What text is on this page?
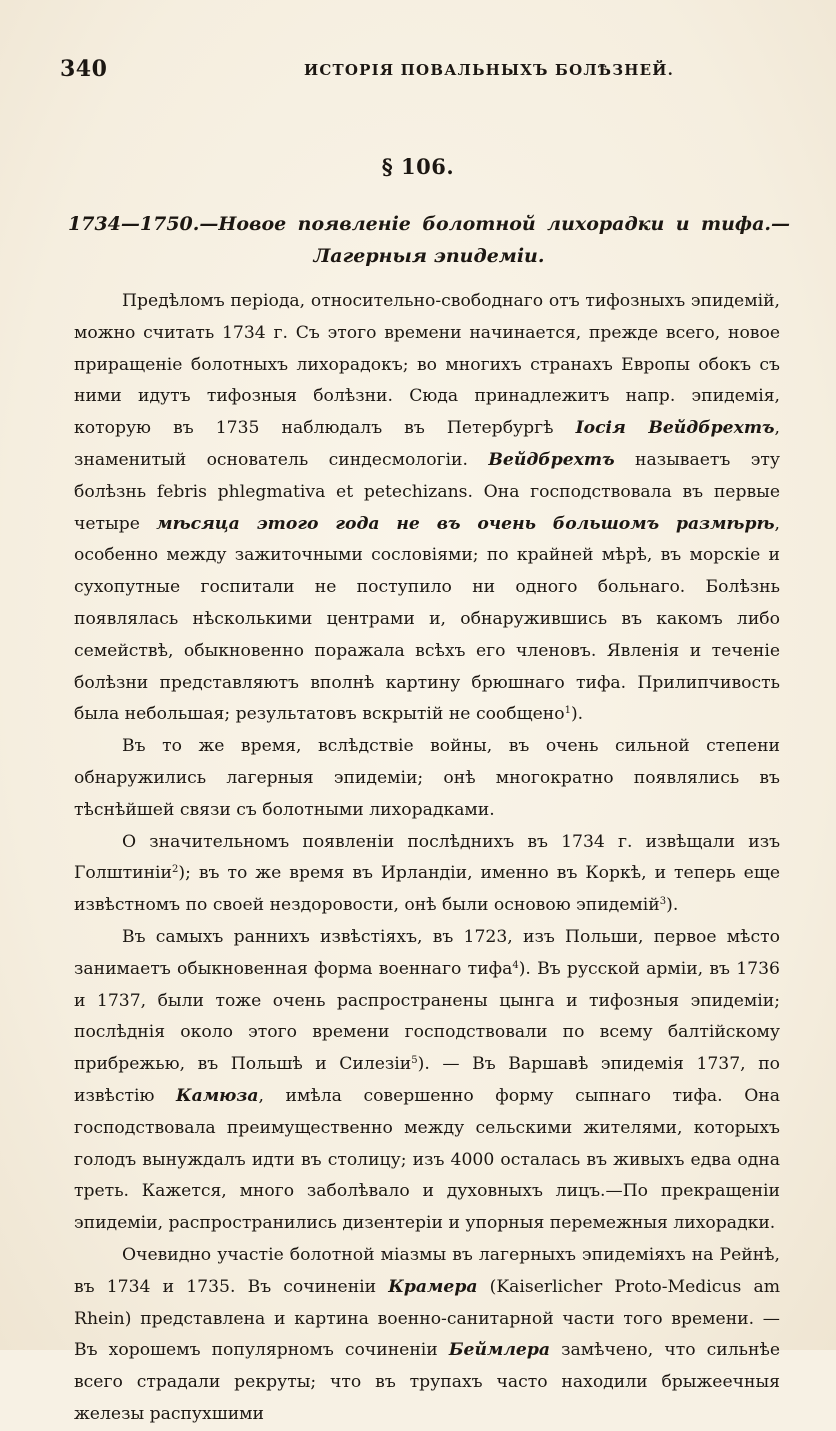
340	ИСТОРІЯ ПОВАЛЬНЫХЪ БОЛѢЗНЕЙ.
§ 106.
1734—1750.—Новое появленіе болотной лихорадки и тифа.— Лагерныя эпидеміи.

Предѣломъ періода, относительно-свободнаго отъ тифозныхъ эпидемій, можно считать 1734 г. Съ этого времени начинается, прежде всего, новое приращеніе болотныхъ лихорадокъ; во многихъ странахъ Европы обокъ съ ними идутъ тифозныя болѣзни. Сюда принадлежитъ напр. эпидемія, которую въ 1735 наблюдалъ въ Петербургѣ Іосія Вейдбрехтъ, знаменитый основатель синдесмологіи. Вейдбрехтъ называетъ эту болѣзнь febris phlegmativa et petechizans. Она господствовала въ первые четыре мѣсяца этого года не въ очень большомъ размѣрѣ, особенно между зажиточными сословіями; по крайней мѣрѣ, въ морскіе и сухопутные госпитали не поступило ни одного больнаго. Болѣзнь появлялась нѣсколькими центрами и, обнаружившись въ какомъ либо семействѣ, обыкновенно поражала всѣхъ его членовъ. Явленія и теченіе болѣзни представляютъ вполнѣ картину брюшнаго тифа. Прилипчивость была небольшая; результатовъ вскрытій не сообщено$^1$).

Въ то же время, вслѣдствіе войны, въ очень сильной степени обнаружились лагерныя эпидеміи; онѣ многократно появлялись въ тѣснѣйшей связи съ болотными лихорадками.

О значительномъ появленіи послѣднихъ въ 1734 г. извѣщали изъ Голштиніи$^2$); въ то же время въ Ирландіи, именно въ Коркѣ, и теперь еще извѣстномъ по своей нездоровости, онѣ были основою эпидемій$^3$).

Въ самыхъ раннихъ извѣстіяхъ, въ 1723, изъ Польши, первое мѣсто занимаетъ обыкновенная форма военнаго тифа$^4$). Въ русской арміи, въ 1736 и 1737, были тоже очень распространены цынга и тифозныя эпидеміи; послѣднія около этого времени господствовали по всему балтійскому прибрежью, въ Польшѣ и Силезіи$^5$). — Въ Варшавѣ эпидемія 1737, по извѣстію Камюза, имѣла совершенно форму сыпнаго тифа. Она господствовала преимущественно между сельскими жителями, которыхъ голодъ вынуждалъ идти въ столицу; изъ 4000 осталась въ живыхъ едва одна треть. Кажется, много заболѣвало и духовныхъ лицъ.—По прекращеніи эпидеміи, распространились дизентеріи и упорныя перемежныя лихорадки.

Очевидно участіе болотной міазмы въ лагерныхъ эпидеміяхъ на Рейнѣ, въ 1734 и 1735. Въ сочиненіи Крамера (Kaiserlicher Proto-Medicus am Rhein) представлена и картина военно-санитарной части того времени. — Въ хорошемъ популярномъ сочиненіи Беймлера замѣчено, что сильнѣе всего страдали рекруты; что въ трупахъ часто находили брыжеечныя железы распухшими
